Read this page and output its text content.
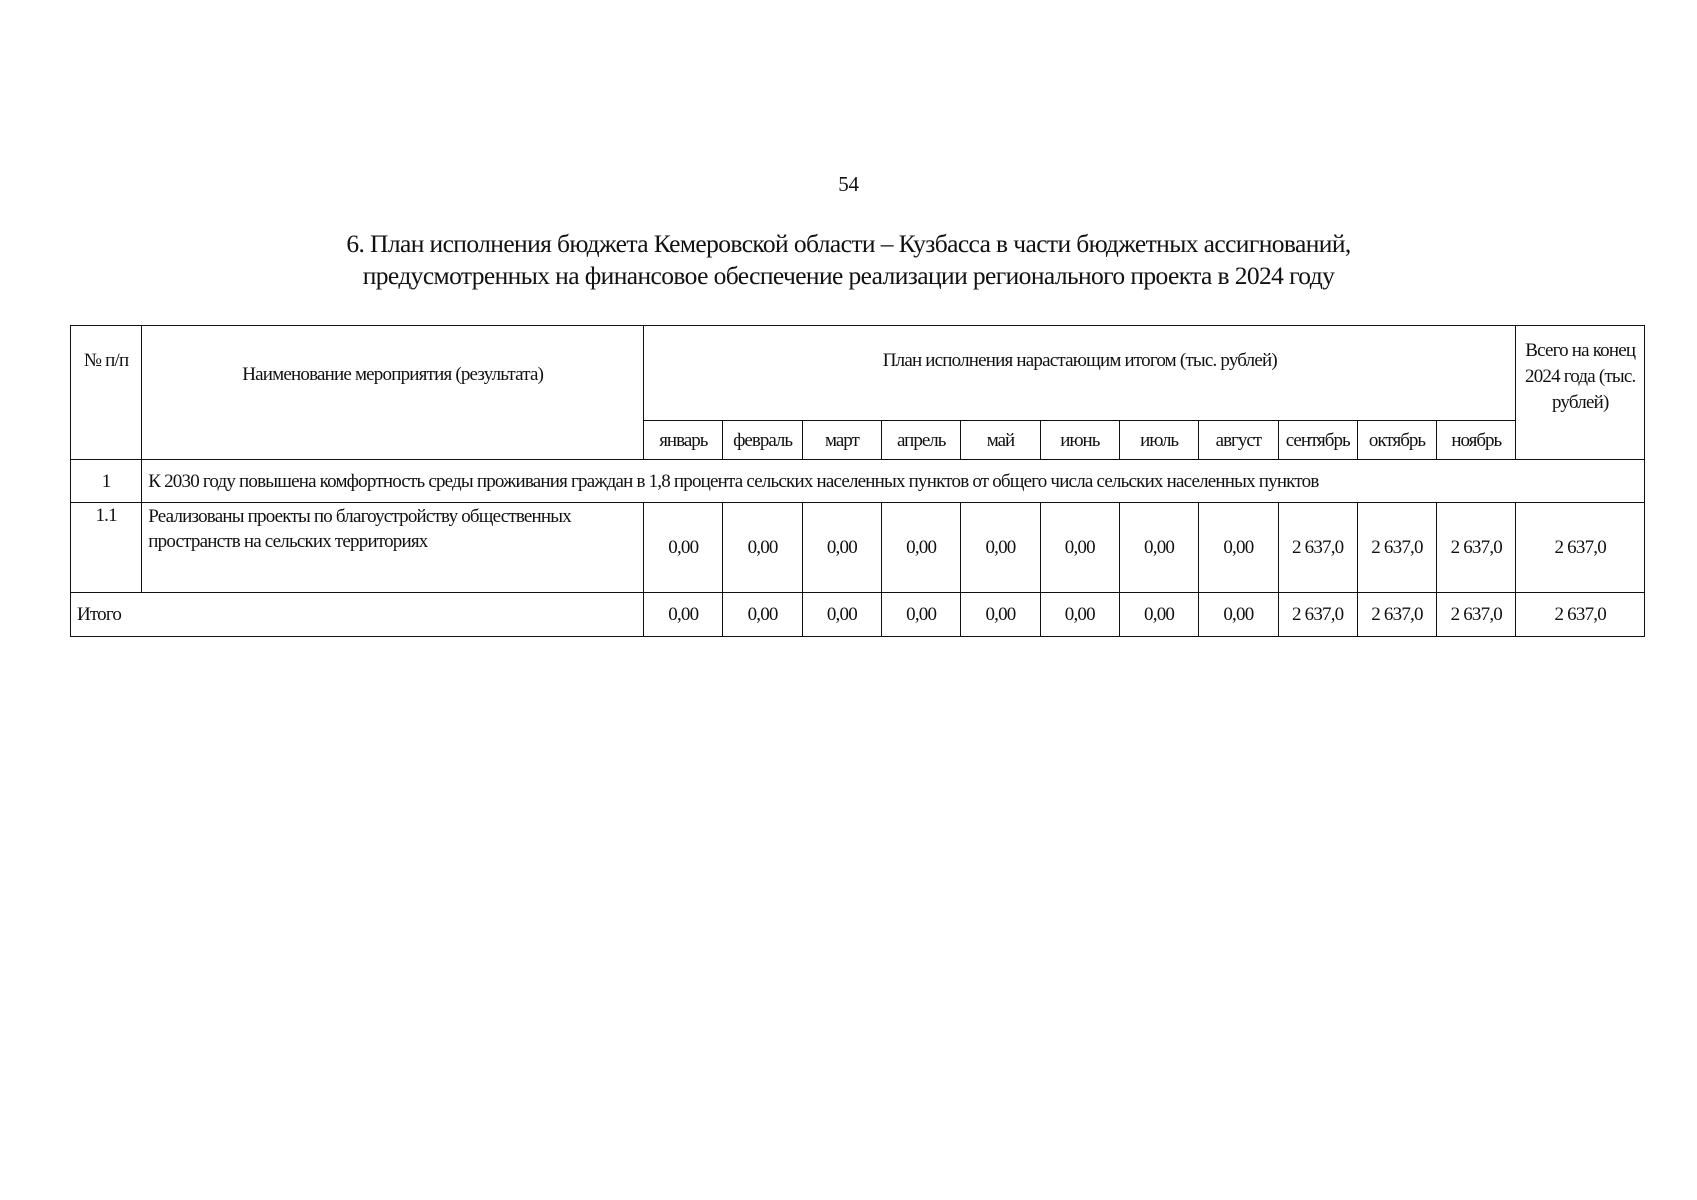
54
6. План исполнения бюджета Кемеровской области – Кузбасса в части бюджетных ассигнований,
предусмотренных на финансовое обеспечение реализации регионального проекта в 2024 году
№ п/п	Наименование мероприятия (результата)	План исполнения нарастающим итогом (тыс. рублей)											Всего на конец 2024 года (тыс. рублей)
		январь	февраль	март	апрель	май	июнь	июль	август	сентябрь	октябрь	ноябрь	
1	К 2030 году повышена комфортность среды проживания граждан в 1,8 процента сельских населенных пунктов от общего числа сельских населенных пунктов												
1.1	Реализованы проекты по благоустройству общественных пространств на сельских территориях	0,00	0,00	0,00	0,00	0,00	0,00	0,00	0,00	2 637,0	2 637,0	2 637,0	2 637,0
Итого		0,00	0,00	0,00	0,00	0,00	0,00	0,00	0,00	2 637,0	2 637,0	2 637,0	2 637,0
